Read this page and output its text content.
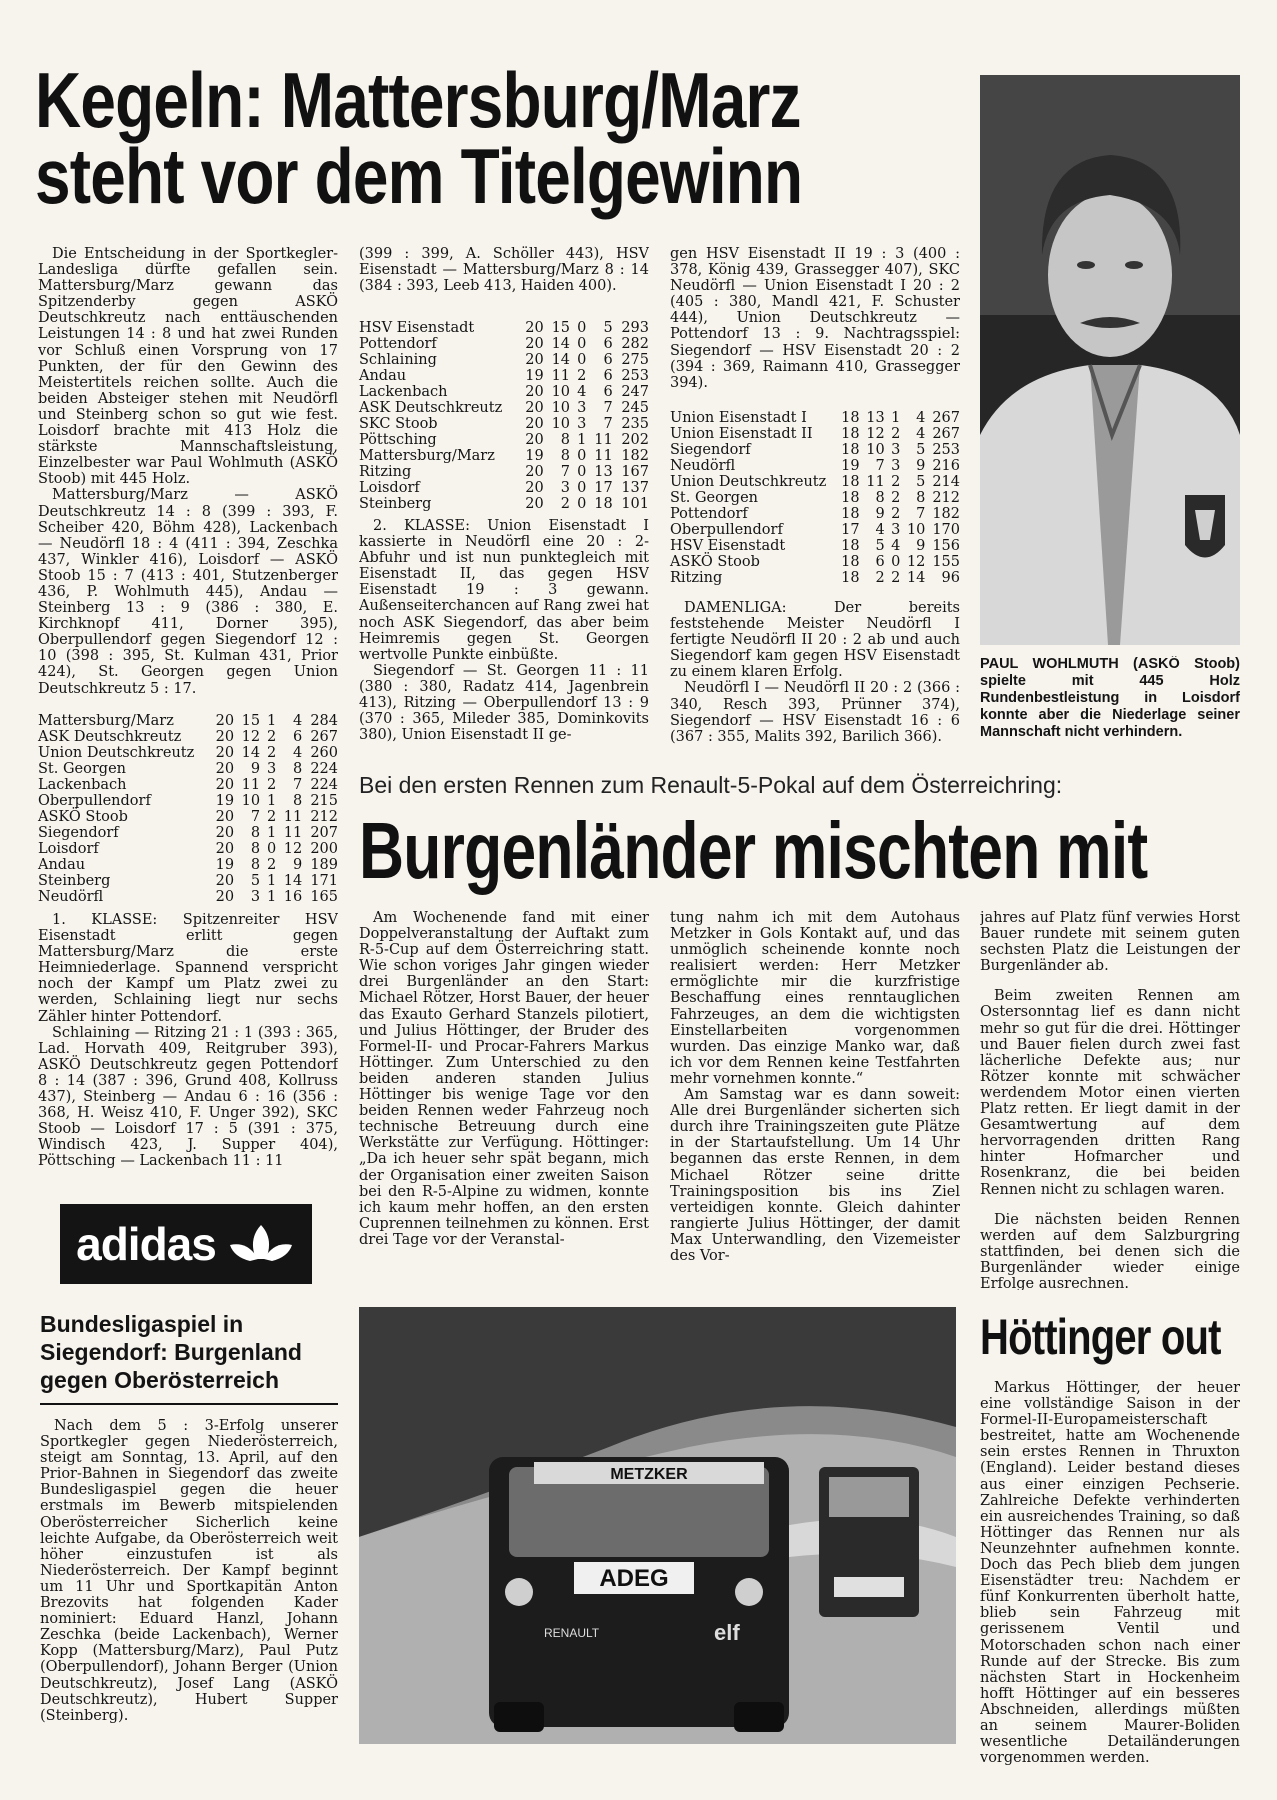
Kegeln: Mattersburg/Marz
steht vor dem Titelgewinn

Die Entscheidung in der Sportkegler-Landesliga dürfte gefallen sein. Mattersburg/Marz gewann das Spitzenderby gegen ASKÖ Deutschkreutz nach enttäuschenden Leistungen 14 : 8 und hat zwei Runden vor Schluß einen Vorsprung von 17 Punkten, der für den Gewinn des Meistertitels reichen sollte. Auch die beiden Absteiger stehen mit Neudörfl und Steinberg schon so gut wie fest. Loisdorf brachte mit 413 Holz die stärkste Mannschaftsleistung, Einzelbester war Paul Wohlmuth (ASKÖ Stoob) mit 445 Holz.

Mattersburg/Marz — ASKÖ Deutschkreutz 14 : 8 (399 : 393, F. Scheiber 420, Böhm 428), Lackenbach — Neudörfl 18 : 4 (411 : 394, Zeschka 437, Winkler 416), Loisdorf — ASKÖ Stoob 15 : 7 (413 : 401, Stutzenberger 436, P. Wohlmuth 445), Andau — Steinberg 13 : 9 (386 : 380, E. Kirchknopf 411, Dorner 395), Oberpullendorf gegen Siegendorf 12 : 10 (398 : 395, St. Kulman 431, Prior 424), St. Georgen gegen Union Deutschkreutz 5 : 17.

Mattersburg/Marz	20	15	1	4	284
ASK Deutschkreutz	20	12	2	6	267
Union Deutschkreutz	20	14	2	4	260
St. Georgen	20	9	3	8	224
Lackenbach	20	11	2	7	224
Oberpullendorf	19	10	1	8	215
ASKÖ Stoob	20	7	2	11	212
Siegendorf	20	8	1	11	207
Loisdorf	20	8	0	12	200
Andau	19	8	2	9	189
Steinberg	20	5	1	14	171
Neudörfl	20	3	1	16	165

1. KLASSE: Spitzenreiter HSV Eisenstadt erlitt gegen Mattersburg/Marz die erste Heimniederlage. Spannend verspricht noch der Kampf um Platz zwei zu werden, Schlaining liegt nur sechs Zähler hinter Pottendorf.

Schlaining — Ritzing 21 : 1 (393 : 365, Lad. Horvath 409, Reitgruber 393), ASKÖ Deutschkreutz gegen Pottendorf 8 : 14 (387 : 396, Grund 408, Kollruss 437), Steinberg — Andau 6 : 16 (356 : 368, H. Weisz 410, F. Unger 392), SKC Stoob — Loisdorf 17 : 5 (391 : 375, Windisch 423, J. Supper 404), Pöttsching — Lackenbach 11 : 11

(399 : 399, A. Schöller 443), HSV Eisenstadt — Mattersburg/Marz 8 : 14 (384 : 393, Leeb 413, Haiden 400).

HSV Eisenstadt	20	15	0	5	293
Pottendorf	20	14	0	6	282
Schlaining	20	14	0	6	275
Andau	19	11	2	6	253
Lackenbach	20	10	4	6	247
ASK Deutschkreutz	20	10	3	7	245
SKC Stoob	20	10	3	7	235
Pöttsching	20	8	1	11	202
Mattersburg/Marz	19	8	0	11	182
Ritzing	20	7	0	13	167
Loisdorf	20	3	0	17	137
Steinberg	20	2	0	18	101

2. KLASSE: Union Eisenstadt I kassierte in Neudörfl eine 20 : 2-Abfuhr und ist nun punktegleich mit Eisenstadt II, das gegen HSV Eisenstadt 19 : 3 gewann. Außenseiterchancen auf Rang zwei hat noch ASK Siegendorf, das aber beim Heimremis gegen St. Georgen wertvolle Punkte einbüßte.

Siegendorf — St. Georgen 11 : 11 (380 : 380, Radatz 414, Jagenbrein 413), Ritzing — Oberpullendorf 13 : 9 (370 : 365, Mileder 385, Dominkovits 380), Union Eisenstadt II ge-

gen HSV Eisenstadt II 19 : 3 (400 : 378, König 439, Grassegger 407), SKC Neudörfl — Union Eisenstadt I 20 : 2 (405 : 380, Mandl 421, F. Schuster 444), Union Deutschkreutz — Pottendorf 13 : 9. Nachtragsspiel: Siegendorf — HSV Eisenstadt 20 : 2 (394 : 369, Raimann 410, Grassegger 394).

Union Eisenstadt I	18	13	1	4	267
Union Eisenstadt II	18	12	2	4	267
Siegendorf	18	10	3	5	253
Neudörfl	19	7	3	9	216
Union Deutschkreutz	18	11	2	5	214
St. Georgen	18	8	2	8	212
Pottendorf	18	9	2	7	182
Oberpullendorf	17	4	3	10	170
HSV Eisenstadt	18	5	4	9	156
ASKÖ Stoob	18	6	0	12	155
Ritzing	18	2	2	14	96

DAMENLIGA: Der bereits feststehende Meister Neudörfl I fertigte Neudörfl II 20 : 2 ab und auch Siegendorf kam gegen HSV Eisenstadt zu einem klaren Erfolg.

Neudörfl I — Neudörfl II 20 : 2 (366 : 340, Resch 393, Prünner 374), Siegendorf — HSV Eisenstadt 16 : 6 (367 : 355, Malits 392, Barilich 366).

PAUL WOHLMUTH (ASKÖ Stoob) spielte mit 445 Holz Rundenbestleistung in Loisdorf konnte aber die Niederlage seiner Mannschaft nicht verhindern.
Bei den ersten Rennen zum Renault-5-Pokal auf dem Österreichring:
Burgenländer mischten mit

Am Wochenende fand mit einer Doppelveranstaltung der Auftakt zum R-5-Cup auf dem Österreichring statt. Wie schon voriges Jahr gingen wieder drei Burgenländer an den Start: Michael Rötzer, Horst Bauer, der heuer das Exauto Gerhard Stanzels pilotiert, und Julius Höttinger, der Bruder des Formel-II- und Procar-Fahrers Markus Höttinger. Zum Unterschied zu den beiden anderen standen Julius Höttinger bis wenige Tage vor den beiden Rennen weder Fahrzeug noch technische Betreuung durch eine Werkstätte zur Verfügung. Höttinger: „Da ich heuer sehr spät begann, mich der Organisation einer zweiten Saison bei den R-5-Alpine zu widmen, konnte ich kaum mehr hoffen, an den ersten Cuprennen teilnehmen zu können. Erst drei Tage vor der Veranstal-

tung nahm ich mit dem Autohaus Metzker in Gols Kontakt auf, und das unmöglich scheinende konnte noch realisiert werden: Herr Metzker ermöglichte mir die kurzfristige Beschaffung eines renntauglichen Fahrzeuges, an dem die wichtigsten Einstellarbeiten vorgenommen wurden. Das einzige Manko war, daß ich vor dem Rennen keine Testfahrten mehr vornehmen konnte.“

Am Samstag war es dann soweit: Alle drei Burgenländer sicherten sich durch ihre Trainingszeiten gute Plätze in der Startaufstellung. Um 14 Uhr begannen das erste Rennen, in dem Michael Rötzer seine dritte Trainingsposition bis ins Ziel verteidigen konnte. Gleich dahinter rangierte Julius Höttinger, der damit Max Unterwandling, den Vizemeister des Vor-

jahres auf Platz fünf verwies Horst Bauer rundete mit seinem guten sechsten Platz die Leistungen der Burgenländer ab.

Beim zweiten Rennen am Ostersonntag lief es dann nicht mehr so gut für die drei. Höttinger und Bauer fielen durch zwei fast lächerliche Defekte aus; nur Rötzer konnte mit schwächer werdendem Motor einen vierten Platz retten. Er liegt damit in der Gesamtwertung auf dem hervorragenden dritten Rang hinter Hofmarcher und Rosenkranz, die bei beiden Rennen nicht zu schlagen waren.

Die nächsten beiden Rennen werden auf dem Salzburgring stattfinden, bei denen sich die Burgenländer wieder einige Erfolge ausrechnen.

adidas
Bundesligaspiel in Siegendorf: Burgenland gegen Oberösterreich

Nach dem 5 : 3-Erfolg unserer Sportkegler gegen Niederösterreich, steigt am Sonntag, 13. April, auf den Prior-Bahnen in Siegendorf das zweite Bundesligaspiel gegen die heuer erstmals im Bewerb mitspielenden Oberösterreicher Sicherlich keine leichte Aufgabe, da Oberösterreich weit höher einzustufen ist als Niederösterreich. Der Kampf beginnt um 11 Uhr und Sportkapitän Anton Brezovits hat folgenden Kader nominiert: Eduard Hanzl, Johann Zeschka (beide Lackenbach), Werner Kopp (Mattersburg/Marz), Paul Putz (Oberpullendorf), Johann Berger (Union Deutschkreutz), Josef Lang (ASKÖ Deutschkreutz), Hubert Supper (Steinberg).

METZKER
ADEG
RENAULT	elf
Höttinger out

Markus Höttinger, der heuer eine vollständige Saison in der Formel-II-Europameisterschaft bestreitet, hatte am Wochenende sein erstes Rennen in Thruxton (England). Leider bestand dieses aus einer einzigen Pechserie. Zahlreiche Defekte verhinderten ein ausreichendes Training, so daß Höttinger das Rennen nur als Neunzehnter aufnehmen konnte. Doch das Pech blieb dem jungen Eisenstädter treu: Nachdem er fünf Konkurrenten überholt hatte, blieb sein Fahrzeug mit gerissenem Ventil und Motorschaden schon nach einer Runde auf der Strecke. Bis zum nächsten Start in Hockenheim hofft Höttinger auf ein besseres Abschneiden, allerdings müßten an seinem Maurer-Boliden wesentliche Detailänderungen vorgenommen werden.
